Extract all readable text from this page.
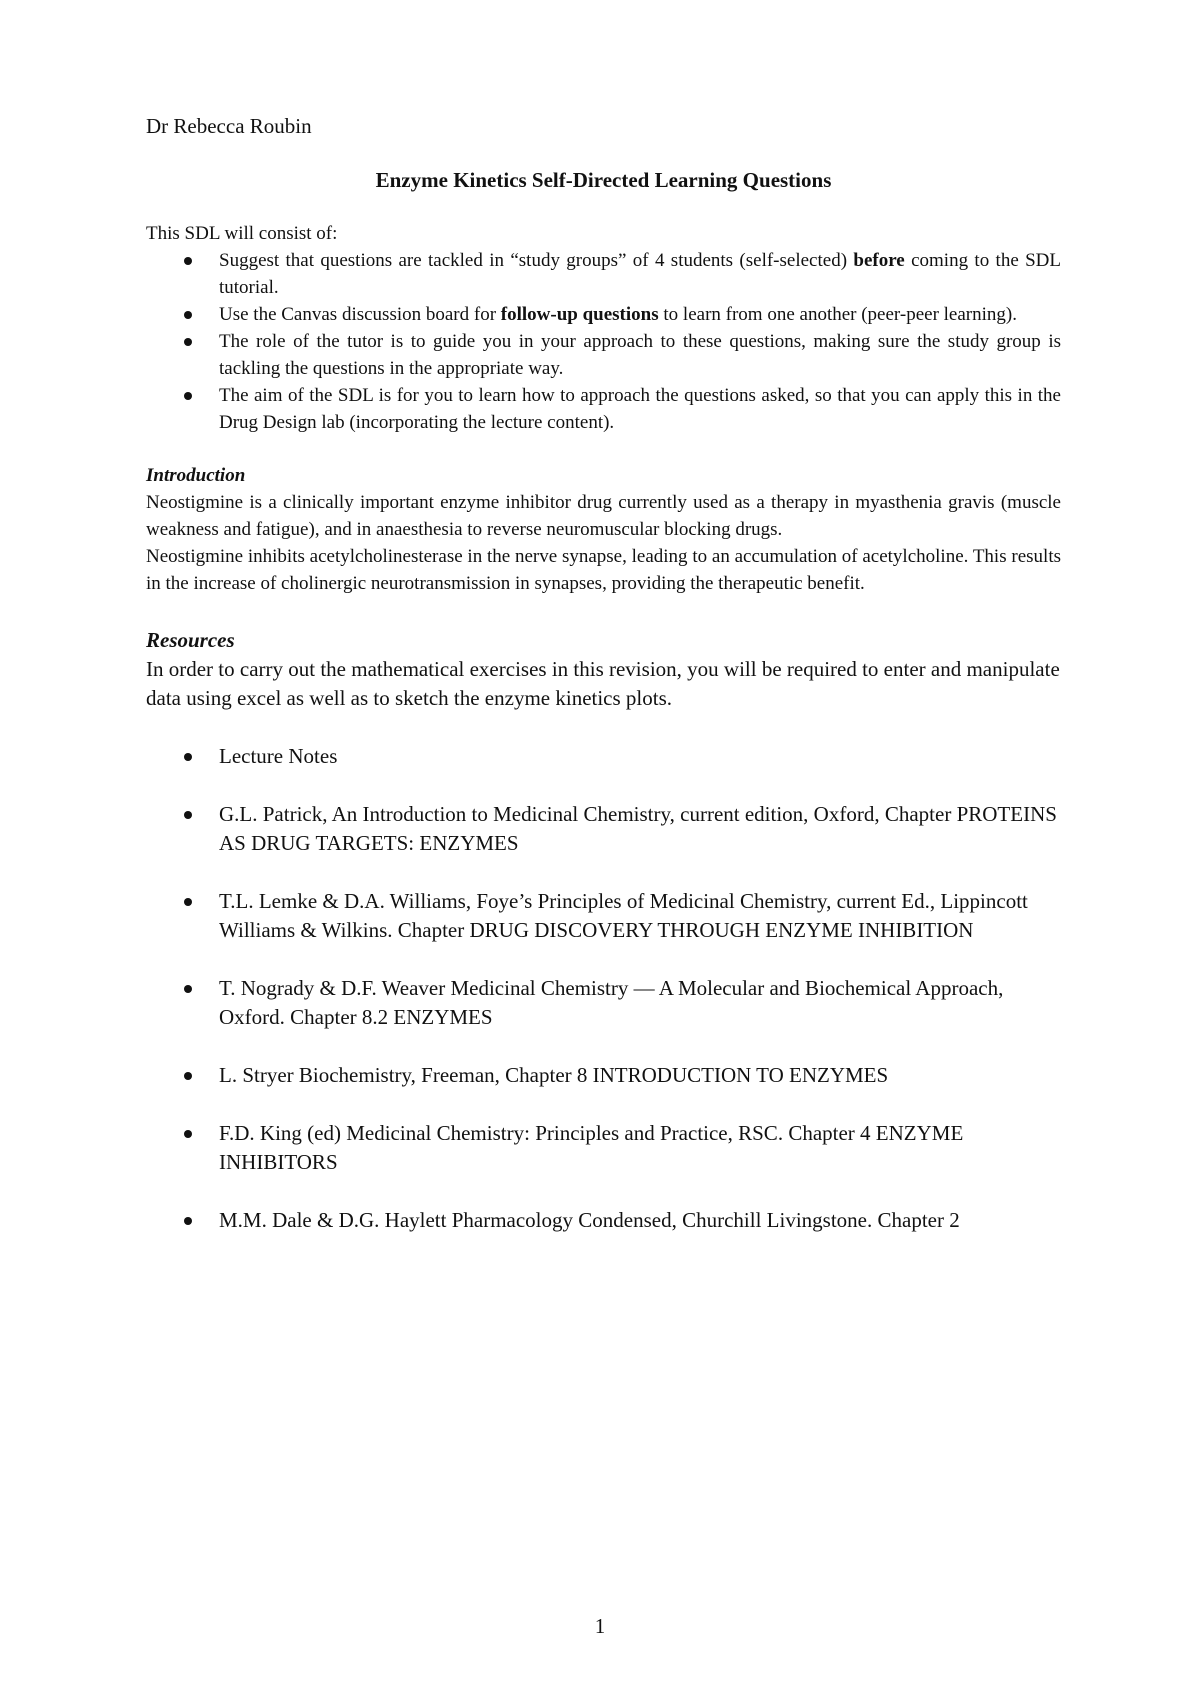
Dr Rebecca Roubin

Enzyme Kinetics Self-Directed Learning Questions

This SDL will consist of:

Suggest that questions are tackled in “study groups” of 4 students (self-selected) before coming to the SDL tutorial.
Use the Canvas discussion board for follow-up questions to learn from one another (peer-peer learning).
The role of the tutor is to guide you in your approach to these questions, making sure the study group is tackling the questions in the appropriate way.
The aim of the SDL is for you to learn how to approach the questions asked, so that you can apply this in the Drug Design lab (incorporating the lecture content).

Introduction

Neostigmine is a clinically important enzyme inhibitor drug currently used as a therapy in myasthenia gravis (muscle weakness and fatigue), and in anaesthesia to reverse neuromuscular blocking drugs.

Neostigmine inhibits acetylcholinesterase in the nerve synapse, leading to an accumulation of acetylcholine. This results in the increase of cholinergic neurotransmission in synapses, providing the therapeutic benefit.

Resources

In order to carry out the mathematical exercises in this revision, you will be required to enter and manipulate data using excel as well as to sketch the enzyme kinetics plots.

Lecture Notes
G.L. Patrick, An Introduction to Medicinal Chemistry, current edition, Oxford, Chapter PROTEINS AS DRUG TARGETS: ENZYMES
T.L. Lemke & D.A. Williams, Foye’s Principles of Medicinal Chemistry, current Ed., Lippincott Williams & Wilkins. Chapter DRUG DISCOVERY THROUGH ENZYME INHIBITION
T. Nogrady & D.F. Weaver Medicinal Chemistry — A Molecular and Biochemical Approach, Oxford. Chapter 8.2 ENZYMES
L. Stryer Biochemistry, Freeman, Chapter 8 INTRODUCTION TO ENZYMES
F.D. King (ed) Medicinal Chemistry: Principles and Practice, RSC. Chapter 4 ENZYME INHIBITORS
M.M. Dale & D.G. Haylett Pharmacology Condensed, Churchill Livingstone. Chapter 2
1
